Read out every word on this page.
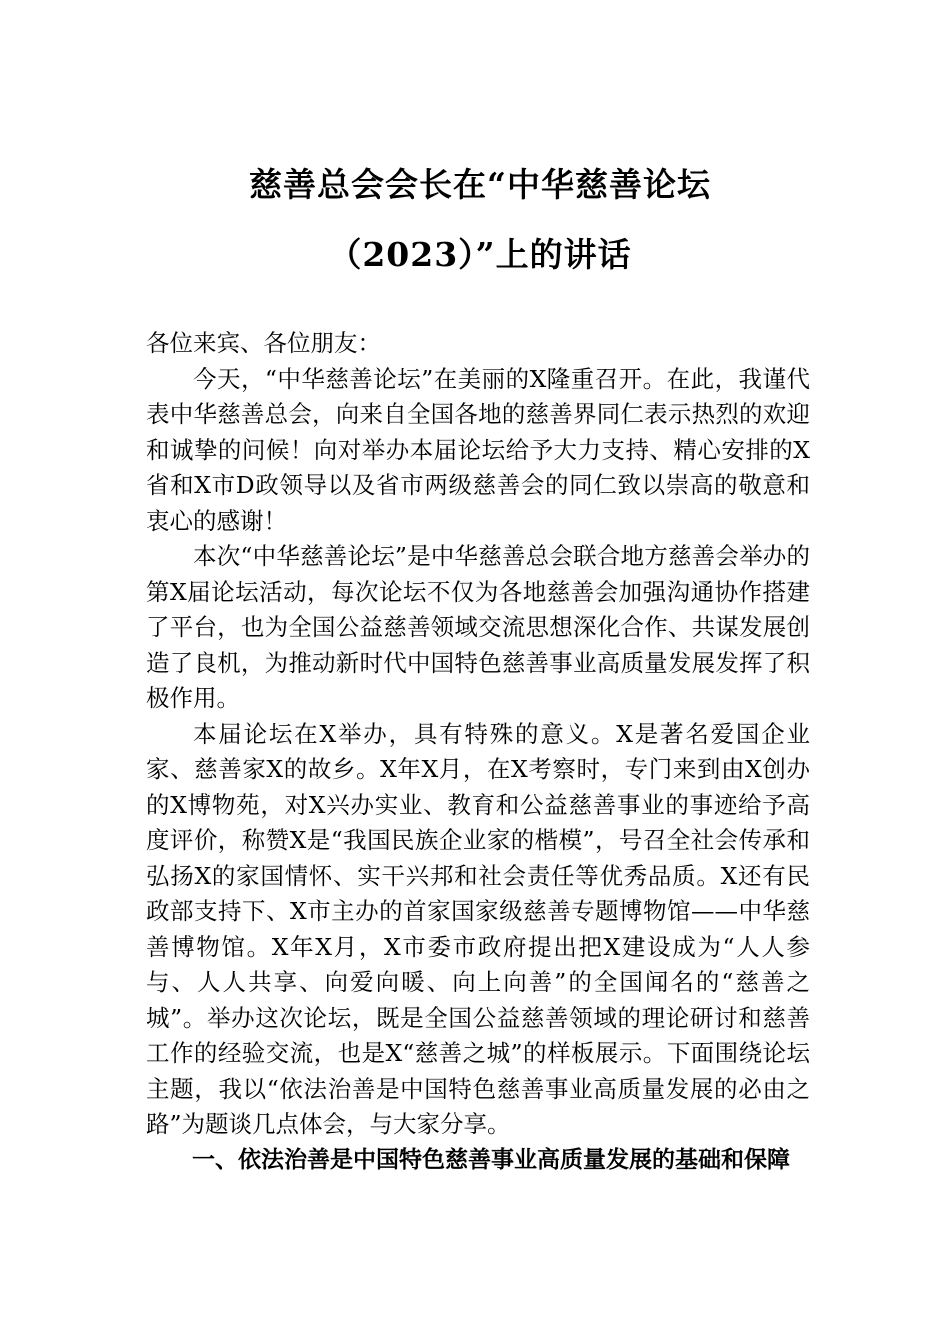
慈善总会会长在“中华慈善论坛
（2023）”上的讲话

各位来宾、各位朋友：

今天，“中华慈善论坛”在美丽的X隆重召开。在此，我谨代表中华慈善总会，向来自全国各地的慈善界同仁表示热烈的欢迎和诚挚的问候！向对举办本届论坛给予大力支持、精心安排的X省和X市D政领导以及省市两级慈善会的同仁致以崇高的敬意和衷心的感谢！

本次“中华慈善论坛”是中华慈善总会联合地方慈善会举办的第X届论坛活动，每次论坛不仅为各地慈善会加强沟通协作搭建了平台，也为全国公益慈善领域交流思想深化合作、共谋发展创造了良机，为推动新时代中国特色慈善事业高质量发展发挥了积极作用。

本届论坛在X举办，具有特殊的意义。X是著名爱国企业家、慈善家X的故乡。X年X月，在X考察时，专门来到由X创办的X博物苑，对X兴办实业、教育和公益慈善事业的事迹给予高度评价，称赞X是“我国民族企业家的楷模”，号召全社会传承和弘扬X的家国情怀、实干兴邦和社会责任等优秀品质。X还有民政部支持下、X市主办的首家国家级慈善专题博物馆——中华慈善博物馆。X年X月，X市委市政府提出把X建设成为“人人参与、人人共享、向爱向暖、向上向善”的全国闻名的“慈善之城”。举办这次论坛，既是全国公益慈善领域的理论研讨和慈善工作的经验交流，也是X“慈善之城”的样板展示。下面围绕论坛主题，我以“依法治善是中国特色慈善事业高质量发展的必由之路”为题谈几点体会，与大家分享。

一、依法治善是中国特色慈善事业高质量发展的基础和保障
